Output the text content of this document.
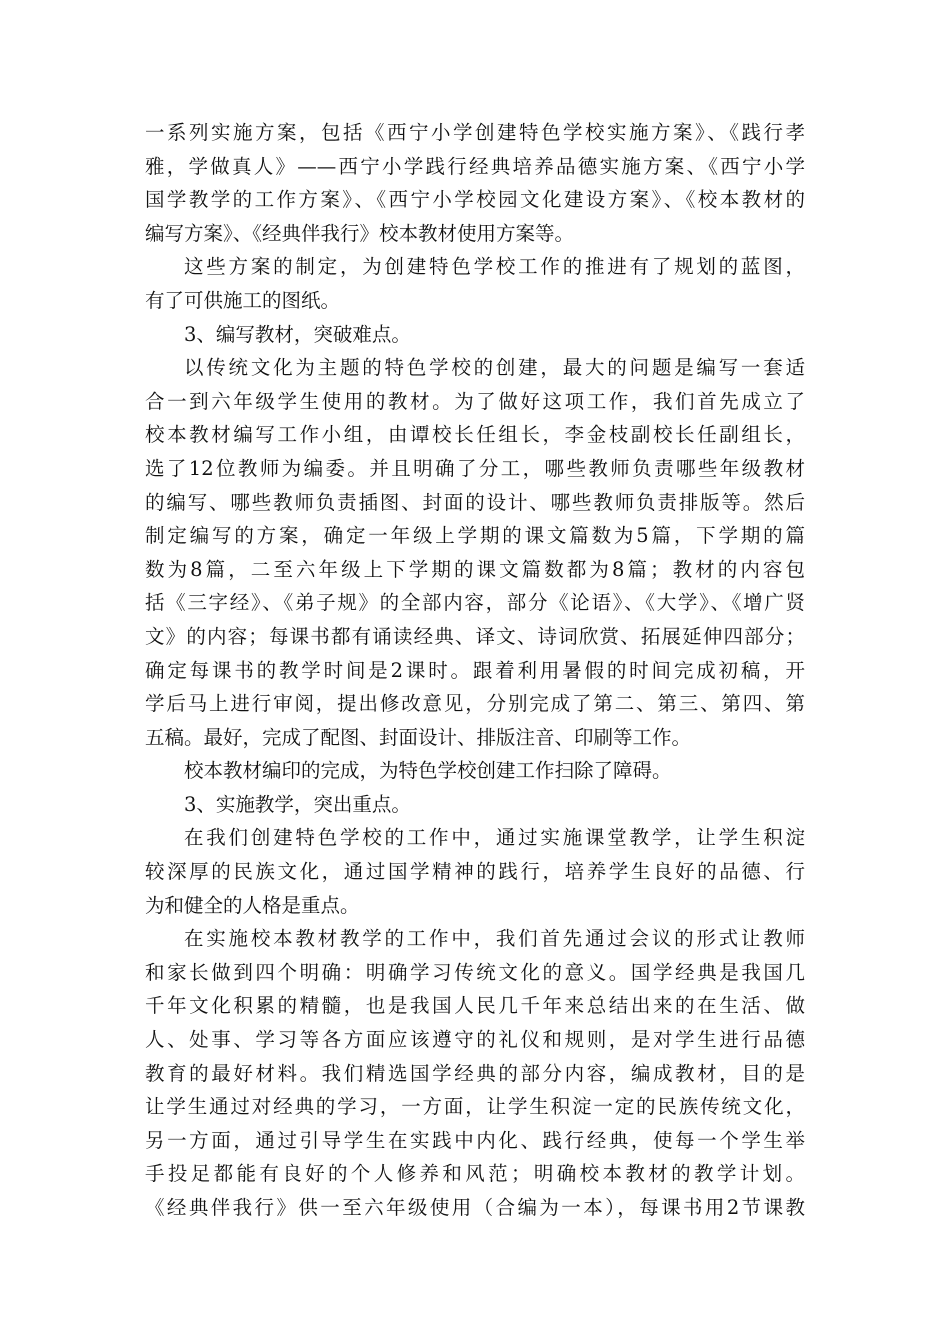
一系列实施方案，包括《西宁小学创建特色学校实施方案》、《践行孝
雅，学做真人》——西宁小学践行经典培养品德实施方案、《西宁小学
国学教学的工作方案》、《西宁小学校园文化建设方案》、《校本教材的
编写方案》、《经典伴我行》校本教材使用方案等。
这些方案的制定，为创建特色学校工作的推进有了规划的蓝图，
有了可供施工的图纸。
3、编写教材，突破难点。
以传统文化为主题的特色学校的创建，最大的问题是编写一套适
合一到六年级学生使用的教材。为了做好这项工作，我们首先成立了
校本教材编写工作小组，由谭校长任组长，李金枝副校长任副组长，
选了12位教师为编委。并且明确了分工，哪些教师负责哪些年级教材
的编写、哪些教师负责插图、封面的设计、哪些教师负责排版等。然后
制定编写的方案，确定一年级上学期的课文篇数为5篇，下学期的篇
数为8篇，二至六年级上下学期的课文篇数都为8篇；教材的内容包
括《三字经》、《弟子规》的全部内容，部分《论语》、《大学》、《增广贤
文》的内容；每课书都有诵读经典、译文、诗词欣赏、拓展延伸四部分；
确定每课书的教学时间是2课时。跟着利用暑假的时间完成初稿，开
学后马上进行审阅，提出修改意见，分别完成了第二、第三、第四、第
五稿。最好，完成了配图、封面设计、排版注音、印刷等工作。
校本教材编印的完成，为特色学校创建工作扫除了障碍。
3、实施教学，突出重点。
在我们创建特色学校的工作中，通过实施课堂教学，让学生积淀
较深厚的民族文化，通过国学精神的践行，培养学生良好的品德、行
为和健全的人格是重点。
在实施校本教材教学的工作中，我们首先通过会议的形式让教师
和家长做到四个明确：明确学习传统文化的意义。国学经典是我国几
千年文化积累的精髓，也是我国人民几千年来总结出来的在生活、做
人、处事、学习等各方面应该遵守的礼仪和规则，是对学生进行品德
教育的最好材料。我们精选国学经典的部分内容，编成教材，目的是
让学生通过对经典的学习，一方面，让学生积淀一定的民族传统文化，
另一方面，通过引导学生在实践中内化、践行经典，使每一个学生举
手投足都能有良好的个人修养和风范；明确校本教材的教学计划。
《经典伴我行》供一至六年级使用（合编为一本），每课书用2节课教
